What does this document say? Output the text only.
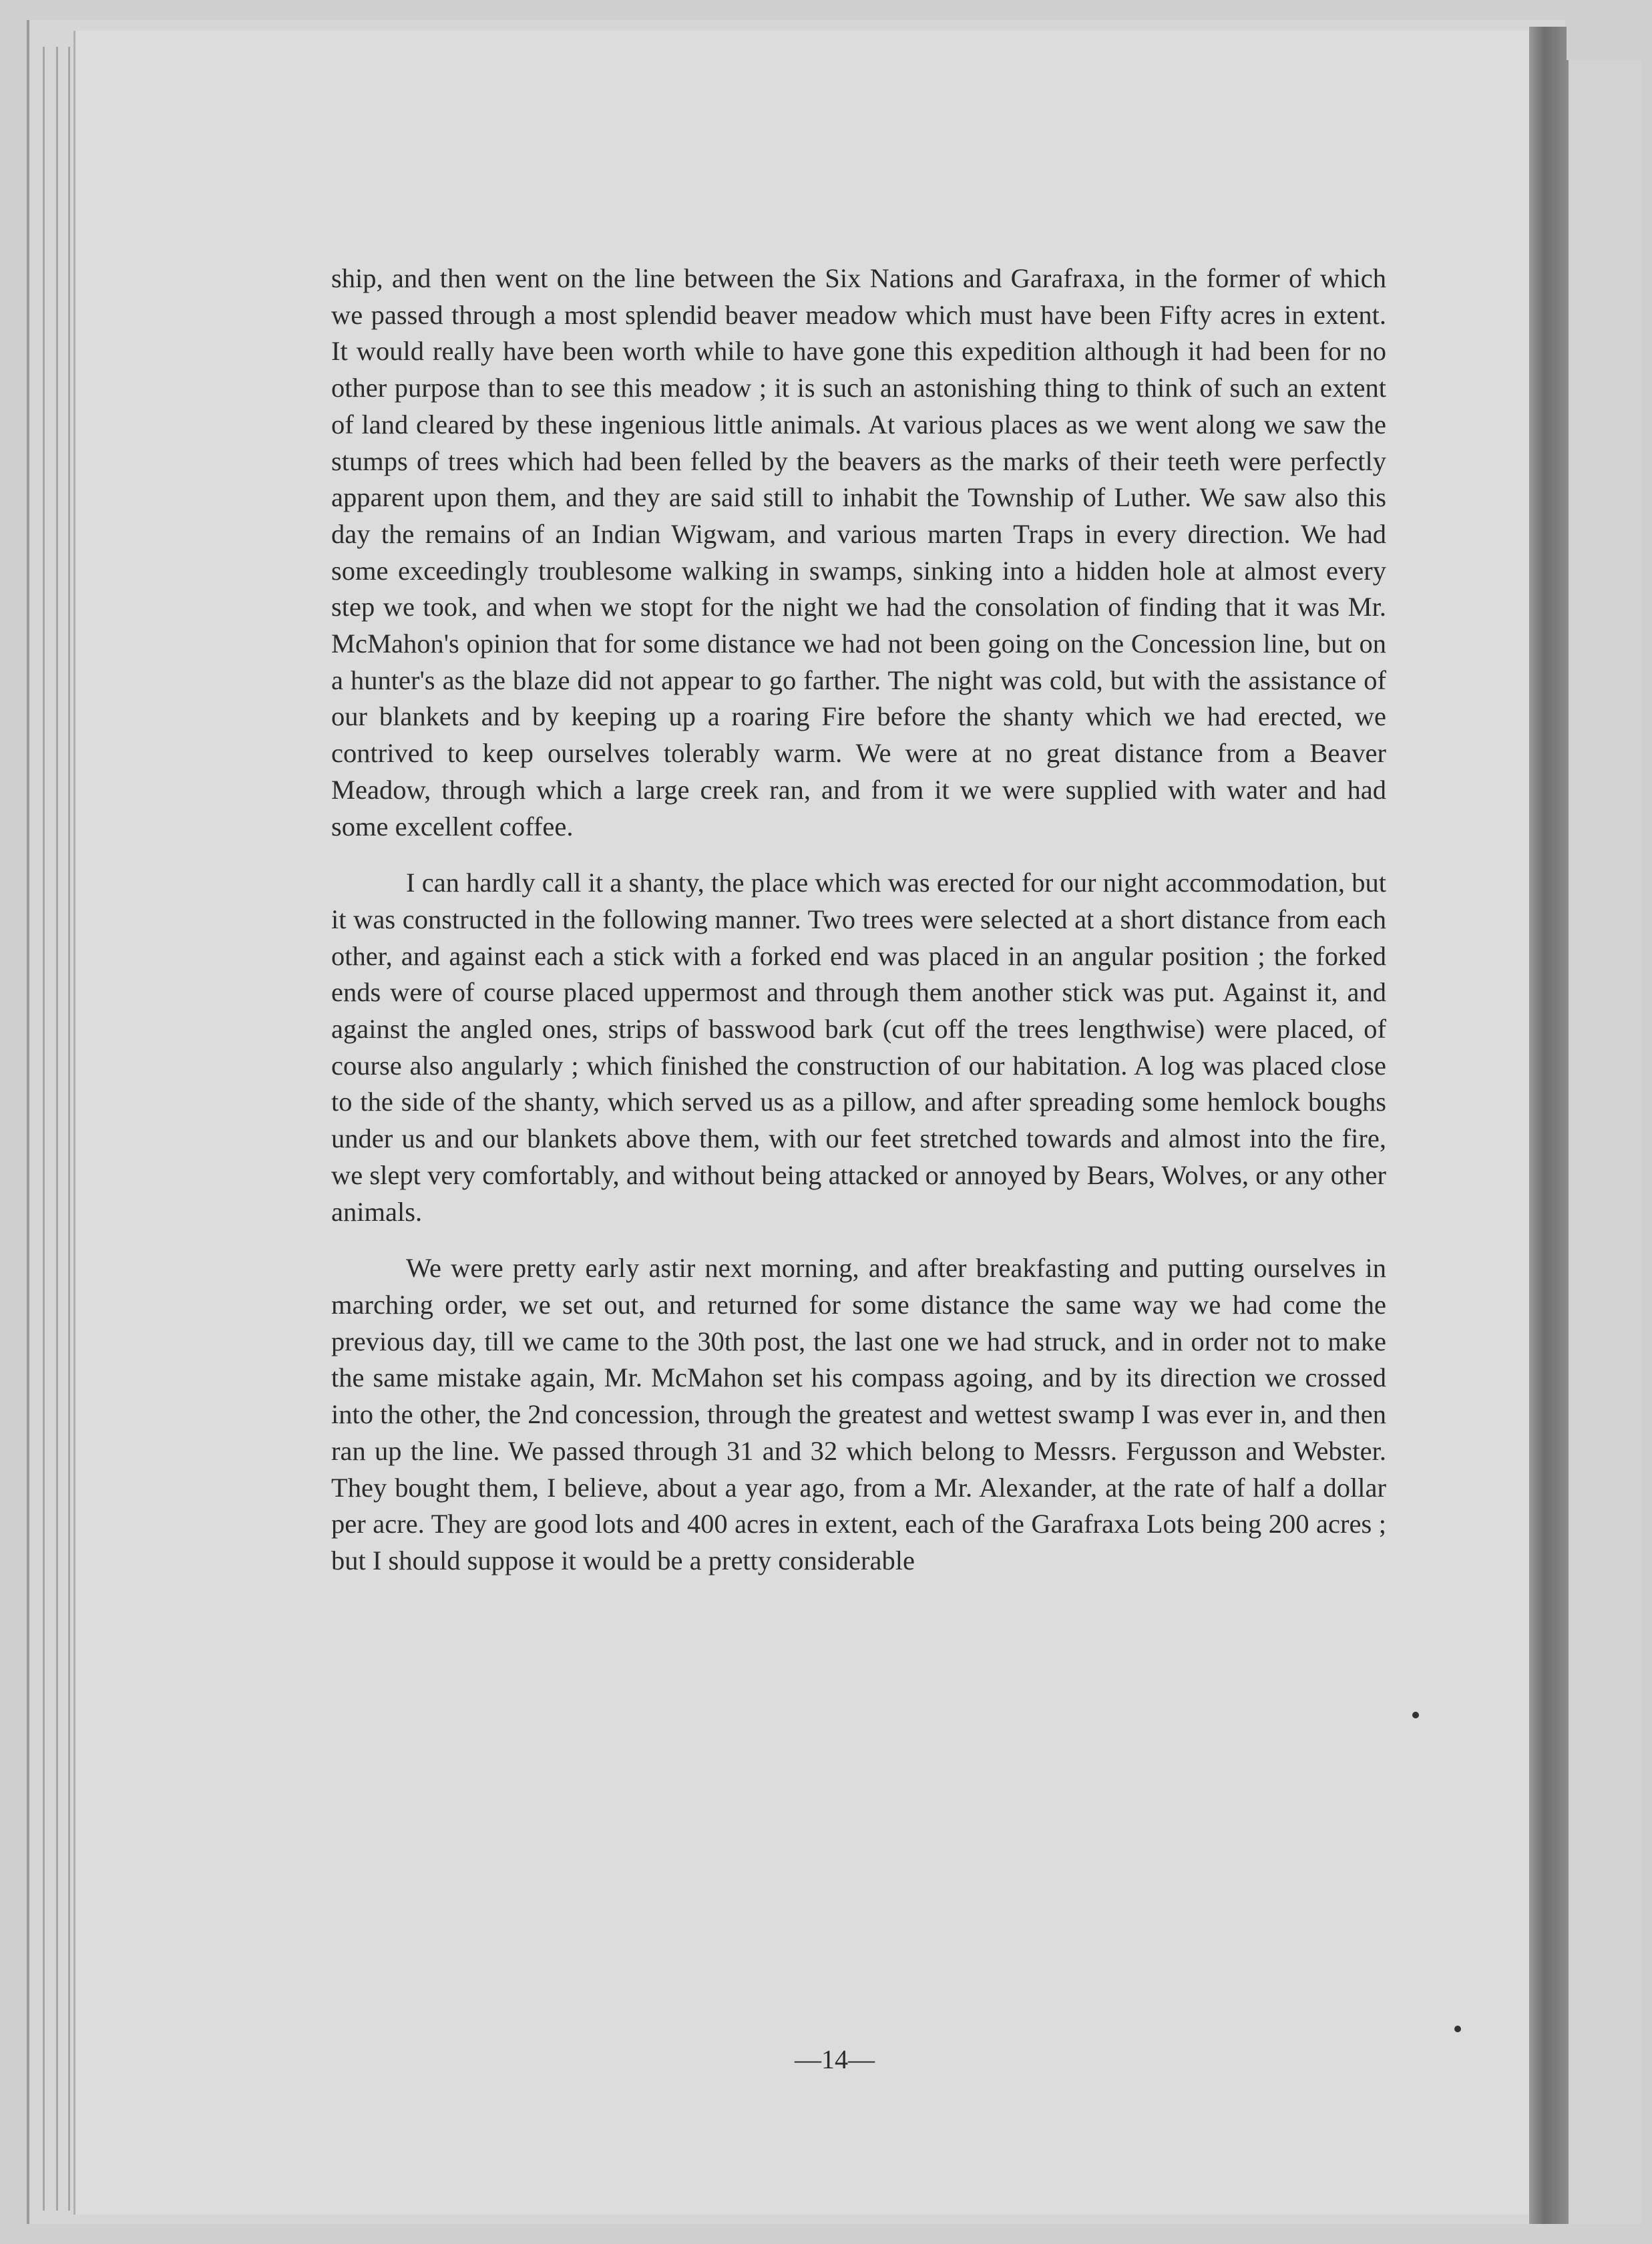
ship, and then went on the line between the Six Nations and Garafraxa, in the former of which we passed through a most splendid beaver meadow which must have been Fifty acres in extent. It would really have been worth while to have gone this expedition although it had been for no other purpose than to see this meadow ; it is such an astonishing thing to think of such an extent of land cleared by these ingenious little animals. At various places as we went along we saw the stumps of trees which had been felled by the beavers as the marks of their teeth were perfectly apparent upon them, and they are said still to inhabit the Township of Luther. We saw also this day the remains of an Indian Wigwam, and various marten Traps in every direction. We had some exceedingly troublesome walking in swamps, sinking into a hidden hole at almost every step we took, and when we stopt for the night we had the consolation of finding that it was Mr. McMahon's opinion that for some distance we had not been going on the Concession line, but on a hunter's as the blaze did not appear to go farther. The night was cold, but with the assistance of our blankets and by keeping up a roaring Fire before the shanty which we had erected, we contrived to keep ourselves tolerably warm. We were at no great distance from a Beaver Meadow, through which a large creek ran, and from it we were supplied with water and had some excellent coffee.

I can hardly call it a shanty, the place which was erected for our night accommodation, but it was constructed in the following manner. Two trees were selected at a short distance from each other, and against each a stick with a forked end was placed in an angular position ; the forked ends were of course placed uppermost and through them another stick was put. Against it, and against the angled ones, strips of basswood bark (cut off the trees lengthwise) were placed, of course also angularly ; which finished the construction of our habitation. A log was placed close to the side of the shanty, which served us as a pillow, and after spreading some hemlock boughs under us and our blankets above them, with our feet stretched towards and almost into the fire, we slept very comfortably, and without being attacked or annoyed by Bears, Wolves, or any other animals.

We were pretty early astir next morning, and after breakfasting and putting ourselves in marching order, we set out, and returned for some distance the same way we had come the previous day, till we came to the 30th post, the last one we had struck, and in order not to make the same mistake again, Mr. McMahon set his compass agoing, and by its direction we crossed into the other, the 2nd concession, through the greatest and wettest swamp I was ever in, and then ran up the line. We passed through 31 and 32 which belong to Messrs. Fergusson and Webster. They bought them, I believe, about a year ago, from a Mr. Alexander, at the rate of half a dollar per acre. They are good lots and 400 acres in extent, each of the Garafraxa Lots being 200 acres ; but I should suppose it would be a pretty considerable

—14—
